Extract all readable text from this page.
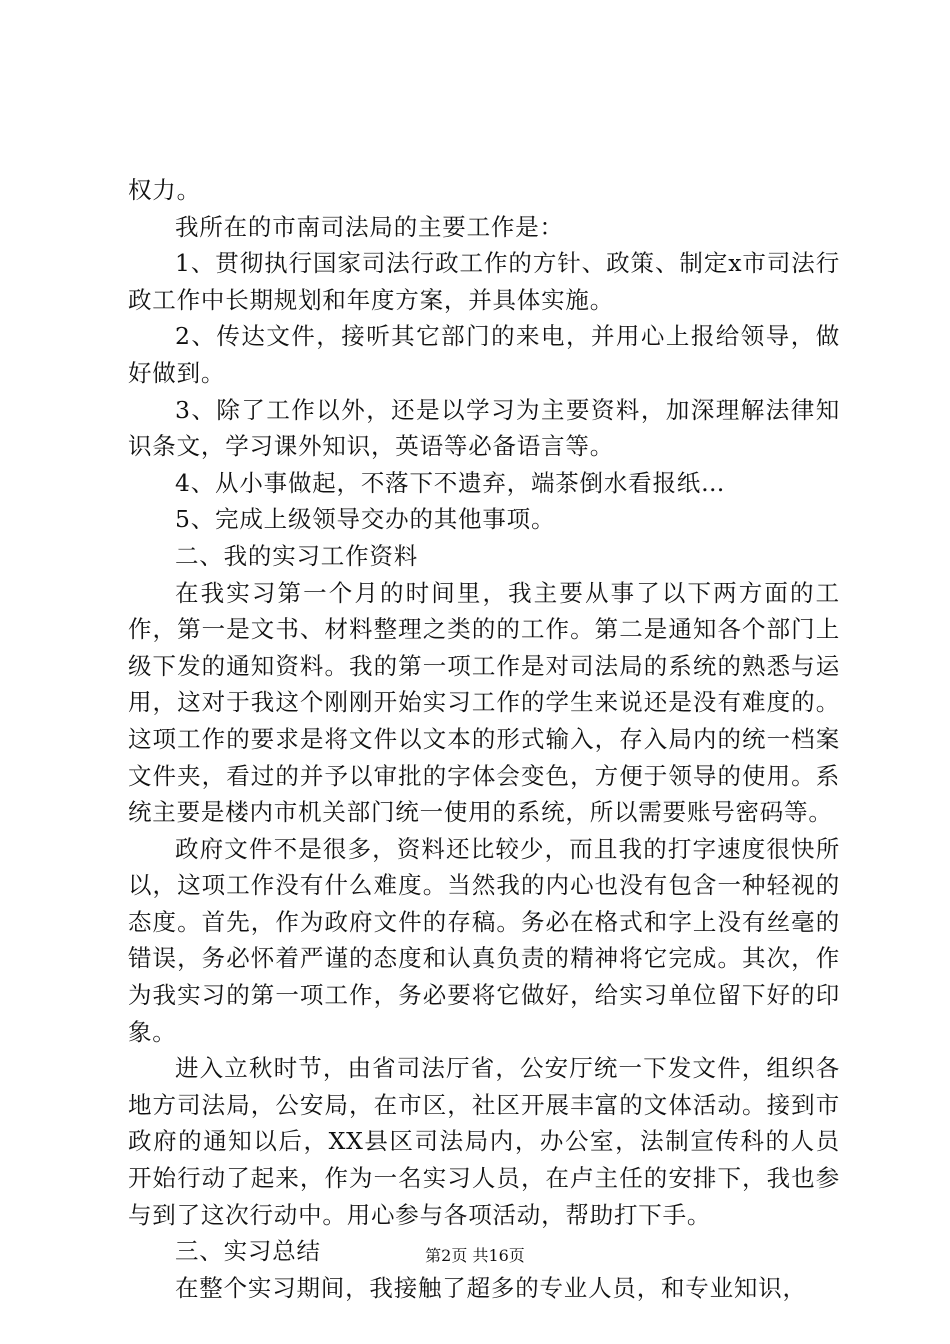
权力。

我所在的市南司法局的主要工作是：

1、贯彻执行国家司法行政工作的方针、政策、制定x市司法行政工作中长期规划和年度方案，并具体实施。

2、传达文件，接听其它部门的来电，并用心上报给领导，做好做到。

3、除了工作以外，还是以学习为主要资料，加深理解法律知识条文，学习课外知识，英语等必备语言等。

4、从小事做起，不落下不遗弃，端茶倒水看报纸…

5、完成上级领导交办的其他事项。

二、我的实习工作资料

在我实习第一个月的时间里，我主要从事了以下两方面的工作，第一是文书、材料整理之类的的工作。第二是通知各个部门上级下发的通知资料。我的第一项工作是对司法局的系统的熟悉与运用，这对于我这个刚刚开始实习工作的学生来说还是没有难度的。这项工作的要求是将文件以文本的形式输入，存入局内的统一档案文件夹，看过的并予以审批的字体会变色，方便于领导的使用。系统主要是楼内市机关部门统一使用的系统，所以需要账号密码等。

政府文件不是很多，资料还比较少，而且我的打字速度很快所以，这项工作没有什么难度。当然我的内心也没有包含一种轻视的态度。首先，作为政府文件的存稿。务必在格式和字上没有丝毫的错误，务必怀着严谨的态度和认真负责的精神将它完成。其次，作为我实习的第一项工作，务必要将它做好，给实习单位留下好的印象。

进入立秋时节，由省司法厅省，公安厅统一下发文件，组织各地方司法局，公安局，在市区，社区开展丰富的文体活动。接到市政府的通知以后，XX县区司法局内，办公室，法制宣传科的人员开始行动了起来，作为一名实习人员，在卢主任的安排下，我也参与到了这次行动中。用心参与各项活动，帮助打下手。

三、实习总结

在整个实习期间，我接触了超多的专业人员，和专业知识，

第2页 共16页
